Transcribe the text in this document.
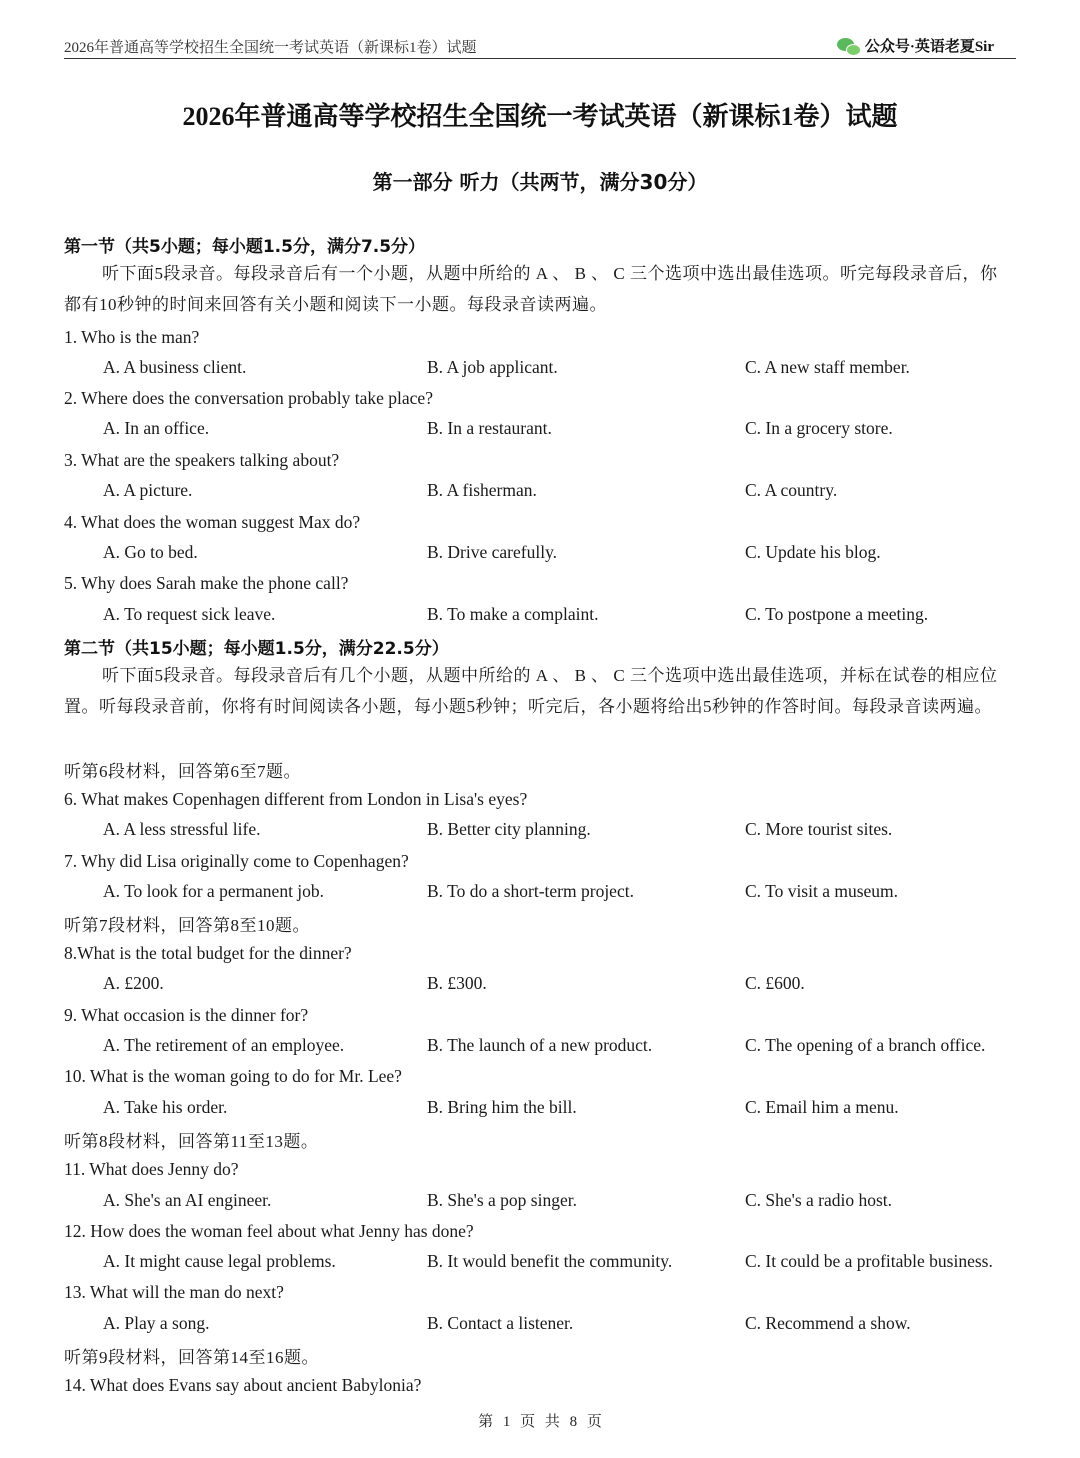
2026年普通高等学校招生全国统一考试英语（新课标1卷）试题	公众号·英语老夏Sir
2026年普通高等学校招生全国统一考试英语（新课标1卷）试题
第一部分 听力（共两节，满分30分）
第一节（共5小题；每小题1.5分，满分7.5分）
听下面5段录音。每段录音后有一个小题，从题中所给的 A 、 B 、 C 三个选项中选出最佳选项。听完每段录音后，你都有10秒钟的时间来回答有关小题和阅读下一小题。每段录音读两遍。
1. Who is the man?
A. A business client.	B. A job applicant.	C. A new staff member.
2. Where does the conversation probably take place?
A. In an office.	B. In a restaurant.	C. In a grocery store.
3. What are the speakers talking about?
A. A picture.	B. A fisherman.	C. A country.
4. What does the woman suggest Max do?
A. Go to bed.	B. Drive carefully.	C. Update his blog.
5. Why does Sarah make the phone call?
A. To request sick leave.	B. To make a complaint.	C. To postpone a meeting.
第二节（共15小题；每小题1.5分，满分22.5分）
听下面5段录音。每段录音后有几个小题，从题中所给的 A 、 B 、 C 三个选项中选出最佳选项，并标在试卷的相应位置。听每段录音前，你将有时间阅读各小题，每小题5秒钟；听完后，各小题将给出5秒钟的作答时间。每段录音读两遍。
听第6段材料，回答第6至7题。
6. What makes Copenhagen different from London in Lisa's eyes?
A. A less stressful life.	B. Better city planning.	C. More tourist sites.
7. Why did Lisa originally come to Copenhagen?
A. To look for a permanent job.	B. To do a short-term project.	C. To visit a museum.
听第7段材料，回答第8至10题。
8.What is the total budget for the dinner?
A. £200.	B. £300.	C. £600.
9. What occasion is the dinner for?
A. The retirement of an employee.	B. The launch of a new product.	C. The opening of a branch office.
10. What is the woman going to do for Mr. Lee?
A. Take his order.	B. Bring him the bill.	C. Email him a menu.
听第8段材料，回答第11至13题。
11. What does Jenny do?
A. She's an AI engineer.	B. She's a pop singer.	C. She's a radio host.
12. How does the woman feel about what Jenny has done?
A. It might cause legal problems.	B. It would benefit the community.	C. It could be a profitable business.
13. What will the man do next?
A. Play a song.	B. Contact a listener.	C. Recommend a show.
听第9段材料，回答第14至16题。
14. What does Evans say about ancient Babylonia?
第 1 页 共 8 页
